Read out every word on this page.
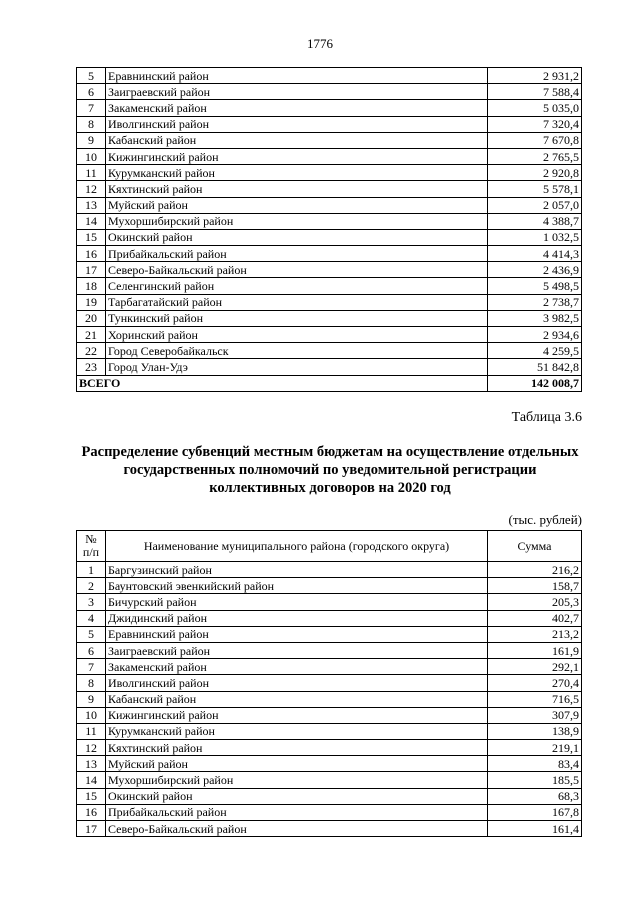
1776
5	Еравнинский район	2 931,2
6	Заиграевский район	7 588,4
7	Закаменский район	5 035,0
8	Иволгинский район	7 320,4
9	Кабанский район	7 670,8
10	Кижингинский район	2 765,5
11	Курумканский район	2 920,8
12	Кяхтинский район	5 578,1
13	Муйский район	2 057,0
14	Мухоршибирский район	4 388,7
15	Окинский район	1 032,5
16	Прибайкальский район	4 414,3
17	Северо-Байкальский район	2 436,9
18	Селенгинский район	5 498,5
19	Тарбагатайский район	2 738,7
20	Тункинский район	3 982,5
21	Хоринский район	2 934,6
22	Город Северобайкальск	4 259,5
23	Город Улан-Удэ	51 842,8
ВСЕГО		142 008,7
Таблица 3.6
Распределение субвенций местным бюджетам на осуществление отдельных государственных полномочий по уведомительной регистрации коллективных договоров на 2020 год
(тыс. рублей)
№ п/п	Наименование муниципального района (городского округа)	Сумма
1	Баргузинский район	216,2
2	Баунтовский эвенкийский район	158,7
3	Бичурский район	205,3
4	Джидинский район	402,7
5	Еравнинский район	213,2
6	Заиграевский район	161,9
7	Закаменский район	292,1
8	Иволгинский район	270,4
9	Кабанский район	716,5
10	Кижингинский район	307,9
11	Курумканский район	138,9
12	Кяхтинский район	219,1
13	Муйский район	83,4
14	Мухоршибирский район	185,5
15	Окинский район	68,3
16	Прибайкальский район	167,8
17	Северо-Байкальский район	161,4
